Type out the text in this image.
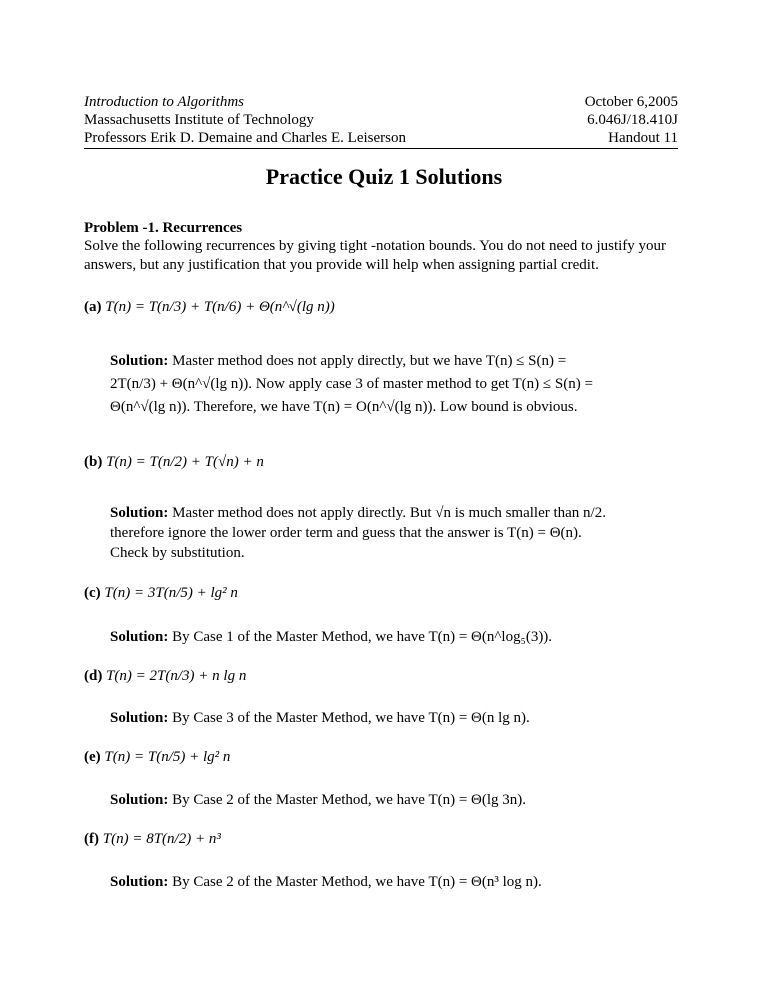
Introduction to Algorithms
Massachusetts Institute of Technology
Professors Erik D. Demaine and Charles E. Leiserson
October 6,2005
6.046J/18.410J
Handout 11
Practice Quiz 1 Solutions
Problem -1. Recurrences
Solve the following recurrences by giving tight -notation bounds. You do not need to justify your answers, but any justification that you provide will help when assigning partial credit.
(a) T(n) = T(n/3) + T(n/6) + Θ(n^√(lg n))
Solution: Master method does not apply directly, but we have T(n) ≤ S(n) =
2T(n/3) + Θ(n^√(lg n)). Now apply case 3 of master method to get T(n) ≤ S(n) =
Θ(n^√(lg n)). Therefore, we have T(n) = O(n^√(lg n)). Low bound is obvious.
(b) T(n) = T(n/2) + T(√n) + n
Solution: Master method does not apply directly. But √n is much smaller than n/2.
therefore ignore the lower order term and guess that the answer is T(n) = Θ(n).
Check by substitution.
(c) T(n) = 3T(n/5) + lg² n
Solution: By Case 1 of the Master Method, we have T(n) = Θ(n^log₅(3)).
(d) T(n) = 2T(n/3) + n lg n
Solution: By Case 3 of the Master Method, we have T(n) = Θ(n lg n).
(e) T(n) = T(n/5) + lg² n
Solution: By Case 2 of the Master Method, we have T(n) = Θ(lg 3n).
(f) T(n) = 8T(n/2) + n³
Solution: By Case 2 of the Master Method, we have T(n) = Θ(n³ log n).
